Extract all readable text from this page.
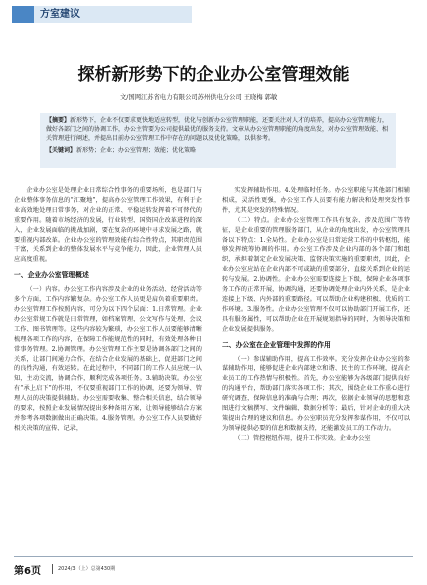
方室建议
探析新形势下的企业办公室管理效能
文/国网江苏省电力有限公司苏州供电分公司 王晓梅 郭敏
【摘要】新形势下，企业不仅要求更快地适应转型，优化与创新办公室管理职能，还要关注对人才的培养，提高办公室管理能力，做好各部门之间的协调工作，办公主管要为公司提供最优的服务支持。文章从办公室管理职能的角度出发，对办公室管理效能、相关管理进行阐述，并提出目前办公室管理工作中存在的问题以及优化策略，以供参考。
【关键词】新形势；企业；办公室管理；效能；优化策略

企业办公室是处理企业日常综合性事务的重要场所，也是部门与企业整体事务信息的“汇聚地”，提高办公室管理工作效果，有利于企业高效地处理日常事务，对企业的正常、平稳运转发挥着不可替代的重要作用。随着市场经济的发展，行业转型、国资国企改革进程的深入，企业发展面临的挑战加剧，要在复杂的环境中寻求发展之路，就要重视内部改革。企业办公室的管理效能有综合性特点，其职责范围干富，关系到企业的整体发展水平与竞争能力，因此，企业管理人员应高度重视。

一、企业办公室管理概述

（一）内容。办公室工作内容涉及企业的业务活动、经营活动等多个方面，工作内容繁复杂。办公室工作人员更是肩负着重要职责。办公室管理工作按照内容，可分为以下四个层面：1.日常管理。企业办公室常规工作就是日常管理，如档案管理、公文写作与处理、会议工作、图书管理等。这些内容较为繁琐，办公室工作人员要能够清晰梳理各项工作的内容，在保障工作能规范性的同时，有效处理各种日常事务管理。2.协调管理。办公室管理工作主要是协调各部门之间的关系，让部门间通力合作，在结合企业发展的基础上，促进部门之间的良性沟通，有效运转。在此过程中，不同部门的工作人员应统一认知，主动交流，协调合作，顺利完成各项任务。3.辅助决策。办公室有“承上启下”的作用，不仅要重视部门工作的协调，还要为领导、管理人员的决策提供辅助。办公室需要收集、整合相关信息，结合领导的要求，按照企业发展情况提出多种备用方案，让领导能够结合方案并参考各项数据做出正确决策。4.服务管理。办公室工作人员要做好相关决策的宣传、记录，

实发挥辅助作用。4.处理临时任务。办公室职能与其他部门相辅相成，灵活性更强，办公室工作人员要有能力解决和处理突发性事件，尤其是突发的特殊情况。

（二）特点。企业办公室管理工作具有复杂、涉及范围广等特征，是企业重要的管理服务部门，从企业的角度出发，办公室管理具备以下特点：1.全局性。企业办公室是日常运营工作的中转枢纽，能够发挥统筹协调的作用。办公室工作涉及企业内部的各个部门和组织，承担着制定企业发展决策、监督决策实施的重要职责，因此，企业办公室应站在企业内部不可或缺的重要部分，直接关系到企业的运转与发展。2.协调性。企业办公室需要连接上下级，保障企业各项事务工作的正常开展，协调沟通，还要协调处理企业内外关系，是企业连接上下级、内外部的重要路径。可以帮助企业构建积极、优质的工作环境。3.服务性。企业办公室管理不仅可以协助部门开展工作，还具有服务属性，可以帮助企业在开展规划指导的同时，为领导决策和企业发展提供服务。

二、办公室在企业管理中发挥的作用

（一）参谋辅助作用，提高工作效率。充分发挥企业办公室的参谋辅助作用，能够促进企业内部建立和谐、民主的工作环境，提高企业员工的工作热情与积极性。首先，办公室能够为各级部门提供良好的沟通平台，帮助部门落实各项工作；其次，围绕企业工作重心进行研究调查，保障信息的准确与合理；再次，依据企业领导的思想和意图进行文稿撰写、文件编辑、数据分析等；最后，针对企业的重大决策提出合理的建议和信息。办公室职员充分发挥参谋作用，不仅可以为领导提供必要的信息和数据支持，还能激发员工的工作动力。

（二）管控枢纽作用，提升工作实效。企业办公室

第6页	2024/3（上）总第430期
